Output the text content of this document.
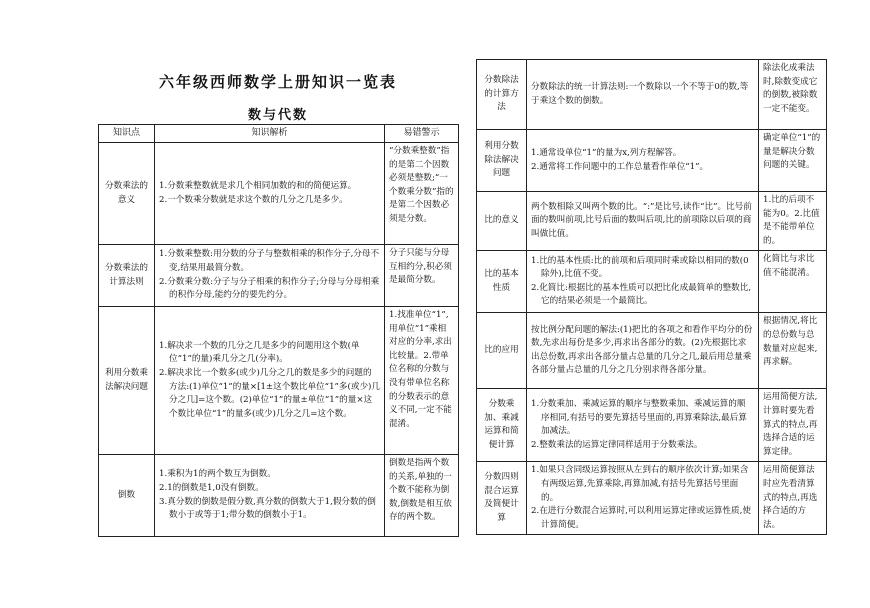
六年级西师数学上册知识一览表
数与代数
知识点	知识解析	易错警示
分数乘法的意义	1.分数乘整数就是求几个相同加数的和的简便运算。
2.一个数乘分数就是求这个数的几分之几是多少。	“分数乘整数”指的是第二个因数必须是整数;“一个数乘分数”指的是第二个因数必须是分数。
分数乘法的计算法则	1.分数乘整数:用分数的分子与整数相乘的积作分子,分母不变,结果用最简分数。
2.分数乘分数:分子与分子相乘的积作分子;分母与分母相乘的积作分母,能约分的要先约分。	分子只能与分母互相约分,积必须是最简分数。
利用分数乘法解决问题	1.解决求一个数的几分之几是多少的问题用这个数(单位“1”的量)乘几分之几(分率)。
2.解决求比一个数多(或少)几分之几的数是多少的问题的方法:(1)单位“1”的量×[1±这个数比单位“1”多(或少)几分之几]=这个数。(2)单位“1”的量±单位“1”的量×这个数比单位“1”的量多(或少)几分之几=这个数。	1.找准单位“1”,用单位“1”乘相对应的分率,求出比较量。2.带单位名称的分数与没有带单位名称的分数表示的意义不同,一定不能混淆。
倒数	1.乘积为1的两个数互为倒数。
2.1的倒数是1,0没有倒数。
3.真分数的倒数是假分数,真分数的倒数大于1,假分数的倒数小于或等于1;带分数的倒数小于1。	倒数是指两个数的关系,单独的一个数不能称为倒数,倒数是相互依存的两个数。
分数除法的计算方法	分数除法的统一计算法则:一个数除以一个不等于0的数,等于乘这个数的倒数。	除法化成乘法时,除数变成它的倒数,被除数一定不能变。
利用分数除法解决问题	1.通常设单位“1”的量为x,列方程解答。
2.通常将工作问题中的工作总量看作单位“1”。	确定单位“1”的量是解决分数问题的关键。
比的意义	两个数相除又叫两个数的比。“:”是比号,读作“比”。比号前面的数叫前项,比号后面的数叫后项,比的前项除以后项的商叫做比值。	1.比的后项不能为0。2.比值是不能带单位的。
比的基本性质	1.比的基本性质:比的前项和后项同时乘或除以相同的数(0除外),比值不变。
2.化简比:根据比的基本性质可以把比化成最简单的整数比,它的结果必须是一个最简比。	化简比与求比值不能混淆。
比的应用	按比例分配问题的解法:(1)把比的各项之和看作平均分的份数,先求出每份是多少,再求出各部分的数。(2)先根据比求出总份数,再求出各部分量占总量的几分之几,最后用总量乘各部分量占总量的几分之几分别求得各部分量。	根据情况,将比的总份数与总数量对应起来,再求解。
分数乘加、乘减运算和简便计算	1.分数乘加、乘减运算的顺序与整数乘加、乘减运算的顺序相同,有括号的要先算括号里面的,再算乘除法,最后算加减法。
2.整数乘法的运算定律同样适用于分数乘法。	运用简便方法,计算时要先看算式的特点,再选择合适的运算定律。
分数四则混合运算及简便计算	1.如果只含同级运算按照从左到右的顺序依次计算;如果含有两级运算,先算乘除,再算加减,有括号先算括号里面的。
2.在进行分数混合运算时,可以利用运算定律或运算性质,使计算简便。	运用简便算法时应先看清算式的特点,再选择合适的方法。
